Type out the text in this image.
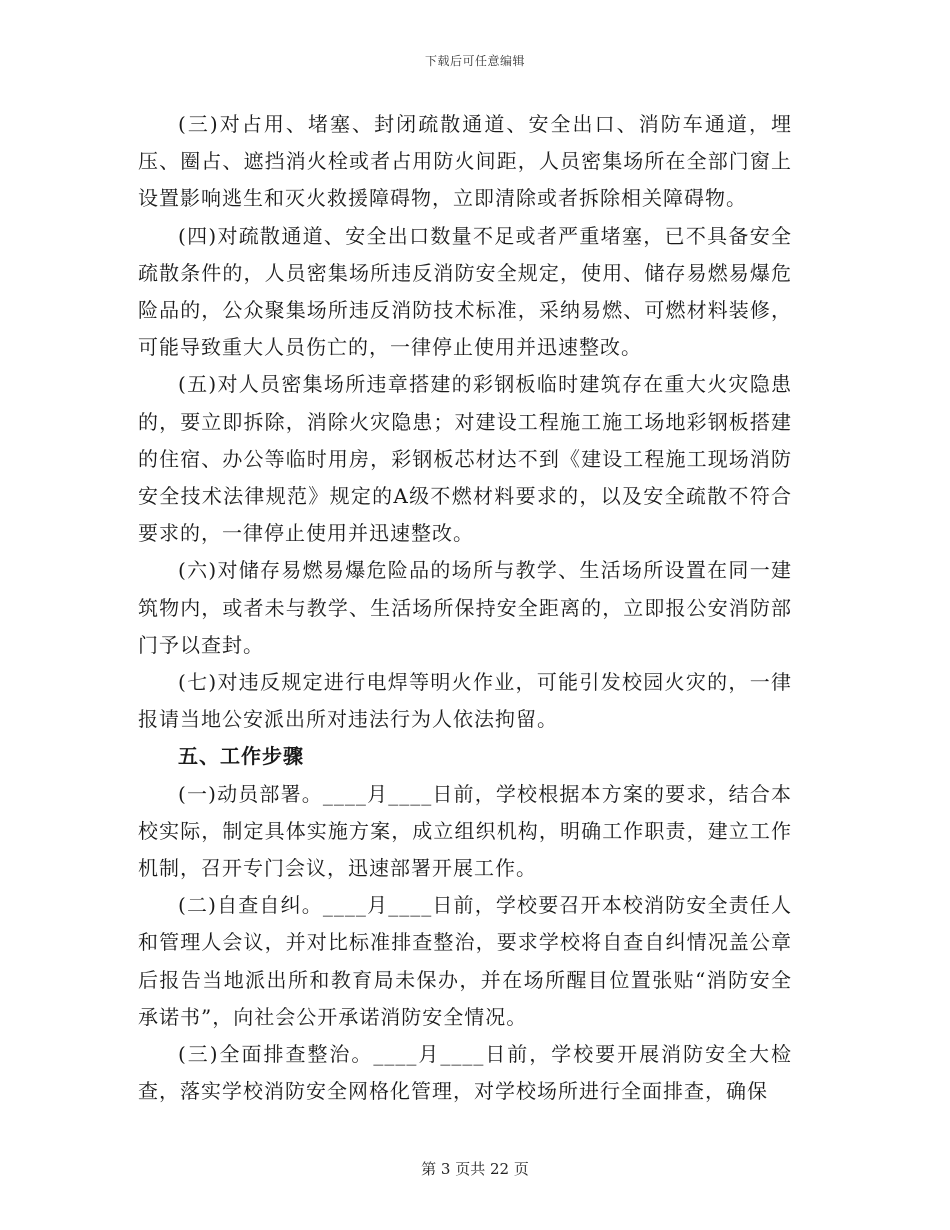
下载后可任意编辑

(三)对占用、堵塞、封闭疏散通道、安全出口、消防车通道，埋压、圈占、遮挡消火栓或者占用防火间距，人员密集场所在全部门窗上设置影响逃生和灭火救援障碍物，立即清除或者拆除相关障碍物。

(四)对疏散通道、安全出口数量不足或者严重堵塞，已不具备安全疏散条件的，人员密集场所违反消防安全规定，使用、储存易燃易爆危险品的，公众聚集场所违反消防技术标准，采纳易燃、可燃材料装修，可能导致重大人员伤亡的，一律停止使用并迅速整改。

(五)对人员密集场所违章搭建的彩钢板临时建筑存在重大火灾隐患的，要立即拆除，消除火灾隐患；对建设工程施工施工场地彩钢板搭建的住宿、办公等临时用房，彩钢板芯材达不到《建设工程施工现场消防安全技术法律规范》规定的A级不燃材料要求的，以及安全疏散不符合要求的，一律停止使用并迅速整改。

(六)对储存易燃易爆危险品的场所与教学、生活场所设置在同一建筑物内，或者未与教学、生活场所保持安全距离的，立即报公安消防部门予以查封。

(七)对违反规定进行电焊等明火作业，可能引发校园火灾的，一律报请当地公安派出所对违法行为人依法拘留。

五、工作步骤

(一)动员部署。____月____日前，学校根据本方案的要求，结合本校实际，制定具体实施方案，成立组织机构，明确工作职责，建立工作机制，召开专门会议，迅速部署开展工作。

(二)自查自纠。____月____日前，学校要召开本校消防安全责任人和管理人会议，并对比标准排查整治，要求学校将自查自纠情况盖公章后报告当地派出所和教育局未保办，并在场所醒目位置张贴“消防安全承诺书”，向社会公开承诺消防安全情况。

(三)全面排查整治。____月____日前，学校要开展消防安全大检查，落实学校消防安全网格化管理，对学校场所进行全面排查，确保

第 3 页共 22 页
